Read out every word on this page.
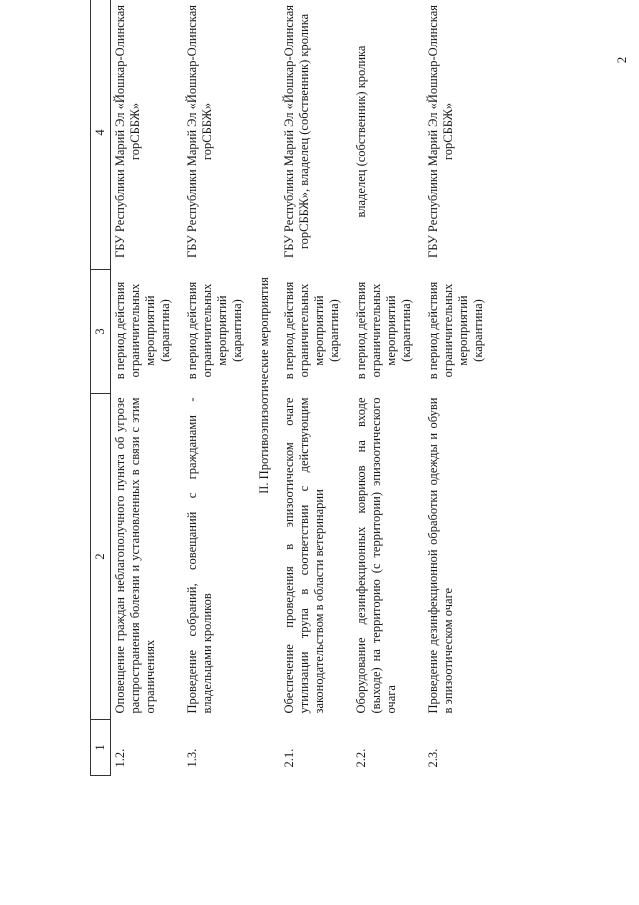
2
1	2	3	4
1.2.	Оповещение граждан неблагополучного пункта об угрозе распространения болезни и установленных в связи с этим ограничениях	в период действия ограничительных мероприятий (карантина)	ГБУ Республики Марий Эл «Йошкар-Олинская горСББЖ»
1.3.	Проведение собраний, совещаний с гражданами - владельцами кроликов	в период действия ограничительных мероприятий (карантина)	ГБУ Республики Марий Эл «Йошкар-Олинская горСББЖ»
II. Противоэпизоотические мероприятия			
2.1.	Обеспечение проведения в эпизоотическом очаге утилизации трупа в соответствии с действующим законодательством в области ветеринарии	в период действия ограничительных мероприятий (карантина)	ГБУ Республики Марий Эл «Йошкар-Олинская горСББЖ», владелец (собственник) кролика
2.2.	Оборудование дезинфекционных ковриков на входе (выходе) на территорию (с территории) эпизоотического очага	в период действия ограничительных мероприятий (карантина)	владелец (собственник) кролика
2.3.	Проведение дезинфекционной обработки одежды и обуви в эпизоотическом очаге	в период действия ограничительных мероприятий (карантина)	ГБУ Республики Марий Эл «Йошкар-Олинская горСББЖ»
